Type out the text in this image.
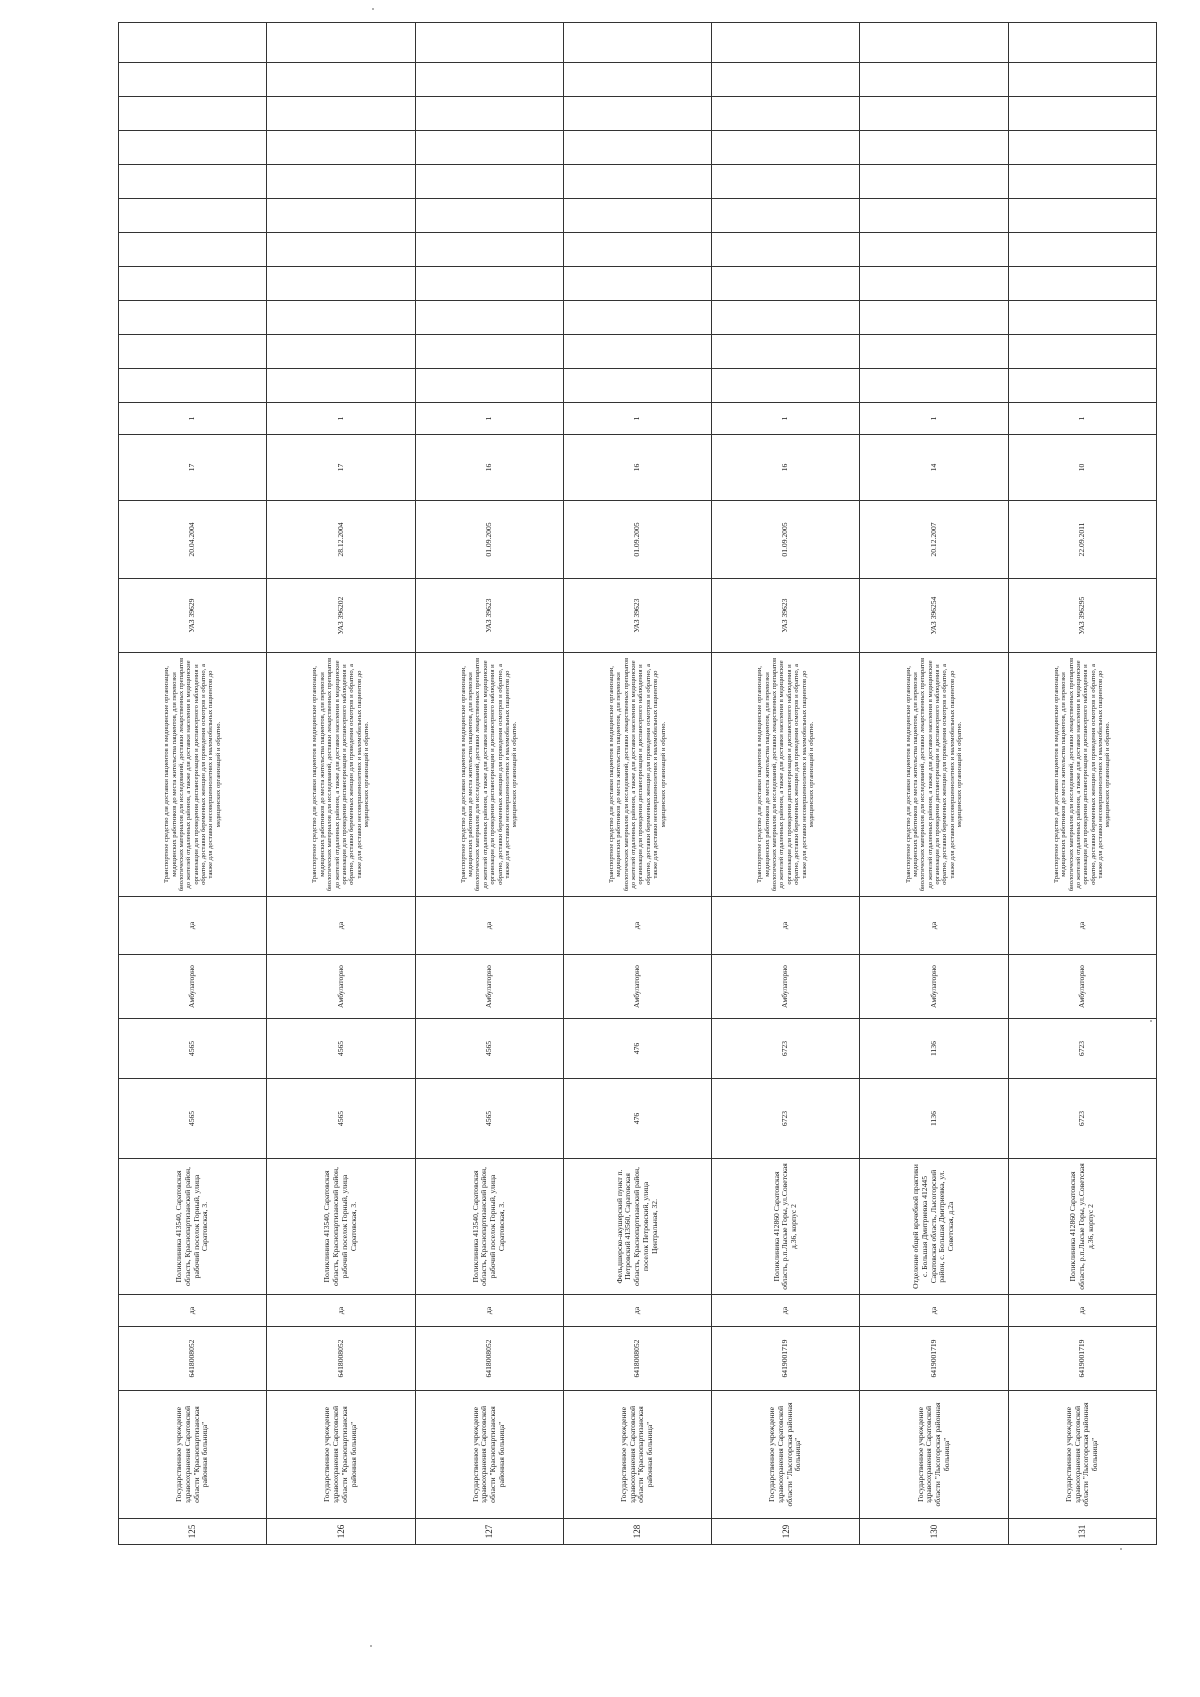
125	Государственное учреждение здравоохранения Саратовской области "Краснопартизанская районная больница"	6418008052	да	Поликлиника 413540, Саратовская область, Краснопартизанский район, рабочий поселок Горный, улица Саратовская, 3.	4565	4565	Амбулаторно	да	Транспортное средство для доставки пациентов в медицинские организации, медицинских работников до места жительства пациентов, для перевозки биологических материалов для исследований, доставки лекарственных препаратов до жителей отдаленных районов, а также для доставки населения в медицинские организации для проведения диспансеризации и диспансерного наблюдения и обратно, доставки беременных женщин для проведения осмотров и обратно, а также для доставки несовершеннолетних и маломобильных пациентов до медицинских организаций и обратно.	УАЗ 39629	20.04.2004	17	1											
126	Государственное учреждение здравоохранения Саратовской области "Краснопартизанская районная больница"	6418008052	да	Поликлиника 413540, Саратовская область, Краснопартизанский район, рабочий поселок Горный, улица Саратовская, 3.	4565	4565	Амбулаторно	да	Транспортное средство для доставки пациентов в медицинские организации, медицинских работников до места жительства пациентов, для перевозки биологических материалов для исследований, доставки лекарственных препаратов до жителей отдаленных районов, а также для доставки населения в медицинские организации для проведения диспансеризации и диспансерного наблюдения и обратно, доставки беременных женщин для проведения осмотров и обратно, а также для доставки несовершеннолетних и маломобильных пациентов до медицинских организаций и обратно.	УАЗ 396202	28.12.2004	17	1											
127	Государственное учреждение здравоохранения Саратовской области "Краснопартизанская районная больница"	6418008052	да	Поликлиника 413540, Саратовская область, Краснопартизанский район, рабочий поселок Горный, улица Саратовская, 3.	4565	4565	Амбулаторно	да	Транспортное средство для доставки пациентов в медицинские организации, медицинских работников до места жительства пациентов, для перевозки биологических материалов для исследований, доставки лекарственных препаратов до жителей отдаленных районов, а также для доставки населения в медицинские организации для проведения диспансеризации и диспансерного наблюдения и обратно, доставки беременных женщин для проведения осмотров и обратно, а также для доставки несовершеннолетних и маломобильных пациентов до медицинских организаций и обратно.	УАЗ 39623	01.09.2005	16	1											
128	Государственное учреждение здравоохранения Саратовской области "Краснопартизанская районная больница"	6418008052	да	Фельдшерско-акушерский пункт п. Петровский 413560, Саратовская область, Краснопартизанский район, поселок Петровский, улица Центральная, 32.	476	476	Амбулаторно	да	Транспортное средство для доставки пациентов в медицинские организации, медицинских работников до места жительства пациентов, для перевозки биологических материалов для исследований, доставки лекарственных препаратов до жителей отдаленных районов, а также для доставки населения в медицинские организации для проведения диспансеризации и диспансерного наблюдения и обратно, доставки беременных женщин для проведения осмотров и обратно, а также для доставки несовершеннолетних и маломобильных пациентов до медицинских организаций и обратно.	УАЗ 39623	01.09.2005	16	1											
129	Государственное учреждение здравоохранения Саратовской области "Лысогорская районная больница"	6419001719	да	Поликлиника 412860 Саратовская область, р.п.Лысые Горы, ул.Советская д.36, корпус 2	6723	6723	Амбулаторно	да	Транспортное средство для доставки пациентов в медицинские организации, медицинских работников до места жительства пациентов, для перевозки биологических материалов для исследований, доставки лекарственных препаратов до жителей отдаленных районов, а также для доставки населения в медицинские организации для проведения диспансеризации и диспансерного наблюдения и обратно, доставки беременных женщин для проведения осмотров и обратно, а также для доставки несовершеннолетних и маломобильных пациентов до медицинских организаций и обратно.	УАЗ 39623	01.09.2005	16	1											
130	Государственное учреждение здравоохранения Саратовской области "Лысогорская районная больница"	6419001719	да	Отделение общей врачебной практики с. Большая Дмитриевка 412445 Саратовская область, Лысогорский район, с. Большая Дмитриевка, ул. Советская, д.2а	1136	1136	Амбулаторно	да	Транспортное средство для доставки пациентов в медицинские организации, медицинских работников до места жительства пациентов, для перевозки биологических материалов для исследований, доставки лекарственных препаратов до жителей отдаленных районов, а также для доставки населения в медицинские организации для проведения диспансеризации и диспансерного наблюдения и обратно, доставки беременных женщин для проведения осмотров и обратно, а также для доставки несовершеннолетних и маломобильных пациентов до медицинских организаций и обратно.	УАЗ 396254	20.12.2007	14	1											
131	Государственное учреждение здравоохранения Саратовской области "Лысогорская районная больница"	6419001719	да	Поликлиника 412860 Саратовская область, р.п.Лысые Горы, ул.Советская д.36, корпус 2	6723	6723	Амбулаторно	да	Транспортное средство для доставки пациентов в медицинские организации, медицинских работников до места жительства пациентов, для перевозки биологических материалов для исследований, доставки лекарственных препаратов до жителей отдаленных районов, а также для доставки населения в медицинские организации для проведения диспансеризации и диспансерного наблюдения и обратно, доставки беременных женщин для проведения осмотров и обратно, а также для доставки несовершеннолетних и маломобильных пациентов до медицинских организаций и обратно.	УАЗ 396295	22.09.2011	10	1											
